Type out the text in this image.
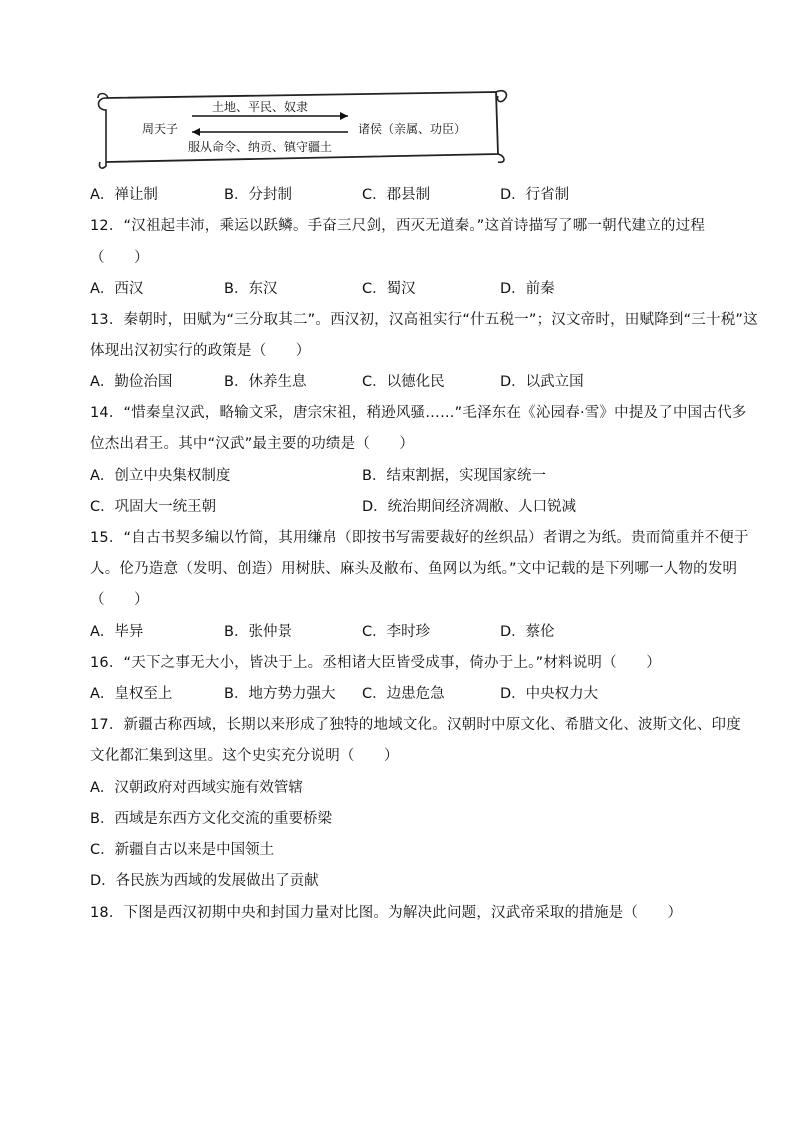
土地、平民、奴隶
周天子	诸侯（亲属、功臣）
服从命令、纳贡、镇守疆土
A．禅让制	B．分封制	C．郡县制	D．行省制
12．“汉祖起丰沛，乘运以跃鳞。手奋三尺剑，西灭无道秦。”这首诗描写了哪一朝代建立的过程
（　　）
A．西汉	B．东汉	C．蜀汉	D．前秦
13．秦朝时，田赋为“三分取其二”。西汉初，汉高祖实行“什五税一”；汉文帝时，田赋降到“三十税”这
体现出汉初实行的政策是（　　）
A．勤俭治国	B．休养生息	C．以德化民	D．以武立国
14．“惜秦皇汉武，略输文采，唐宗宋祖，稍逊风骚……”毛泽东在《沁园春·雪》中提及了中国古代多
位杰出君王。其中“汉武”最主要的功绩是（　　）
A．创立中央集权制度	B．结束割据，实现国家统一
C．巩固大一统王朝	D．统治期间经济凋敝、人口锐减
15．“自古书契多编以竹简，其用缣帛（即按书写需要裁好的丝织品）者谓之为纸。贵而简重并不便于
人。伦乃造意（发明、创造）用树肤、麻头及敝布、鱼网以为纸。”文中记载的是下列哪一人物的发明
（　　）
A．毕异	B．张仲景	C．李时珍	D．蔡伦
16．“天下之事无大小，皆决于上。丞相诸大臣皆受成事，倚办于上。”材料说明（　　）
A．皇权至上	B．地方势力强大 C．边患危急	D．中央权力大
17．新疆古称西域，长期以来形成了独特的地域文化。汉朝时中原文化、希腊文化、波斯文化、印度
文化都汇集到这里。这个史实充分说明（　　）
A．汉朝政府对西域实施有效管辖
B．西域是东西方文化交流的重要桥梁
C．新疆自古以来是中国领土
D．各民族为西域的发展做出了贡献
18．下图是西汉初期中央和封国力量对比图。为解决此问题，汉武帝采取的措施是（　　）
